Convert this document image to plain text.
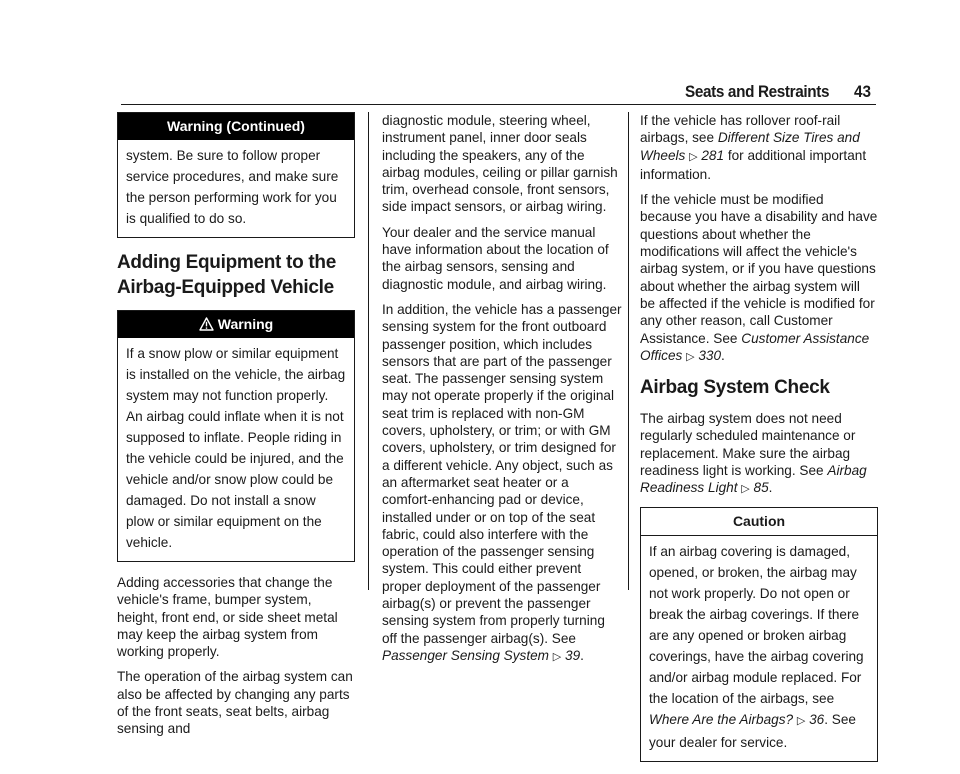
Seats and Restraints 43
Warning (Continued)
system. Be sure to follow proper service procedures, and make sure the person performing work for you is qualified to do so.
Adding Equipment to the Airbag-Equipped Vehicle
Warning
If a snow plow or similar equipment is installed on the vehicle, the airbag system may not function properly. An airbag could inflate when it is not supposed to inflate. People riding in the vehicle could be injured, and the vehicle and/or snow plow could be damaged. Do not install a snow plow or similar equipment on the vehicle.

Adding accessories that change the vehicle's frame, bumper system, height, front end, or side sheet metal may keep the airbag system from working properly.

The operation of the airbag system can also be affected by changing any parts of the front seats, seat belts, airbag sensing and

diagnostic module, steering wheel, instrument panel, inner door seals including the speakers, any of the airbag modules, ceiling or pillar garnish trim, overhead console, front sensors, side impact sensors, or airbag wiring.

Your dealer and the service manual have information about the location of the airbag sensors, sensing and diagnostic module, and airbag wiring.

In addition, the vehicle has a passenger sensing system for the front outboard passenger position, which includes sensors that are part of the passenger seat. The passenger sensing system may not operate properly if the original seat trim is replaced with non-GM covers, upholstery, or trim; or with GM covers, upholstery, or trim designed for a different vehicle. Any object, such as an aftermarket seat heater or a comfort-enhancing pad or device, installed under or on top of the seat fabric, could also interfere with the operation of the passenger sensing system. This could either prevent proper deployment of the passenger airbag(s) or prevent the passenger sensing system from properly turning off the passenger airbag(s). See Passenger Sensing System ▷ 39.

If the vehicle has rollover roof-rail airbags, see Different Size Tires and Wheels ▷ 281 for additional important information.

If the vehicle must be modified because you have a disability and have questions about whether the modifications will affect the vehicle's airbag system, or if you have questions about whether the airbag system will be affected if the vehicle is modified for any other reason, call Customer Assistance. See Customer Assistance Offices ▷ 330.

Airbag System Check

The airbag system does not need regularly scheduled maintenance or replacement. Make sure the airbag readiness light is working. See Airbag Readiness Light ▷ 85.

Caution
If an airbag covering is damaged, opened, or broken, the airbag may not work properly. Do not open or break the airbag coverings. If there are any opened or broken airbag coverings, have the airbag covering and/or airbag module replaced. For the location of the airbags, see Where Are the Airbags? ▷ 36. See your dealer for service.
